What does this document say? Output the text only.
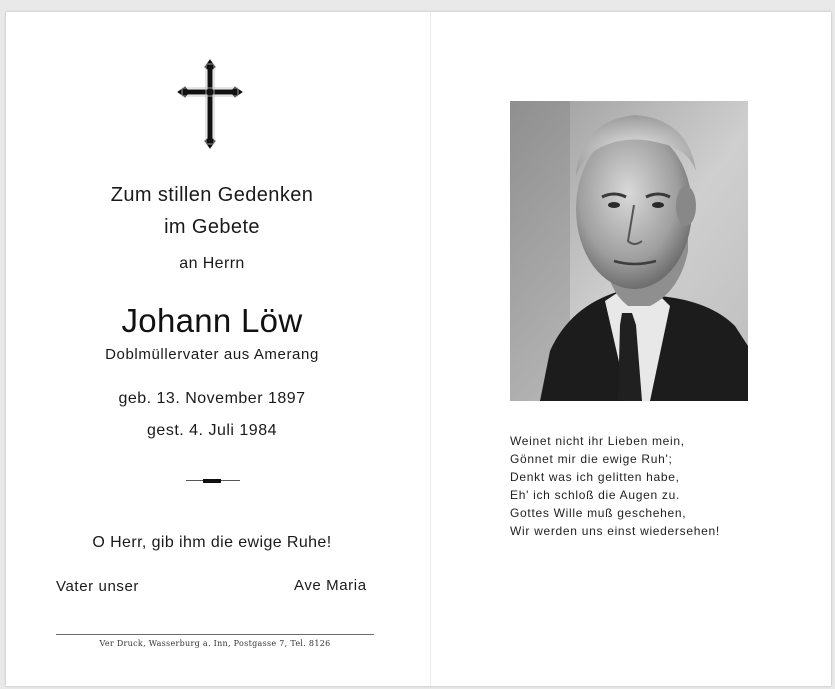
Zum stillen Gedenken
im Gebete
an Herrn
Johann Löw
Doblmüllervater aus Amerang
geb. 13. November 1897
gest. 4. Juli 1984
O Herr, gib ihm die ewige Ruhe!
Vater unser	Ave Maria
Ver Druck, Wasserburg a. Inn, Postgasse 7, Tel. 8126
Weinet nicht ihr Lieben mein,
Gönnet mir die ewige Ruh';
Denkt was ich gelitten habe,
Eh' ich schloß die Augen zu.
Gottes Wille muß geschehen,
Wir werden uns einst wiedersehen!
